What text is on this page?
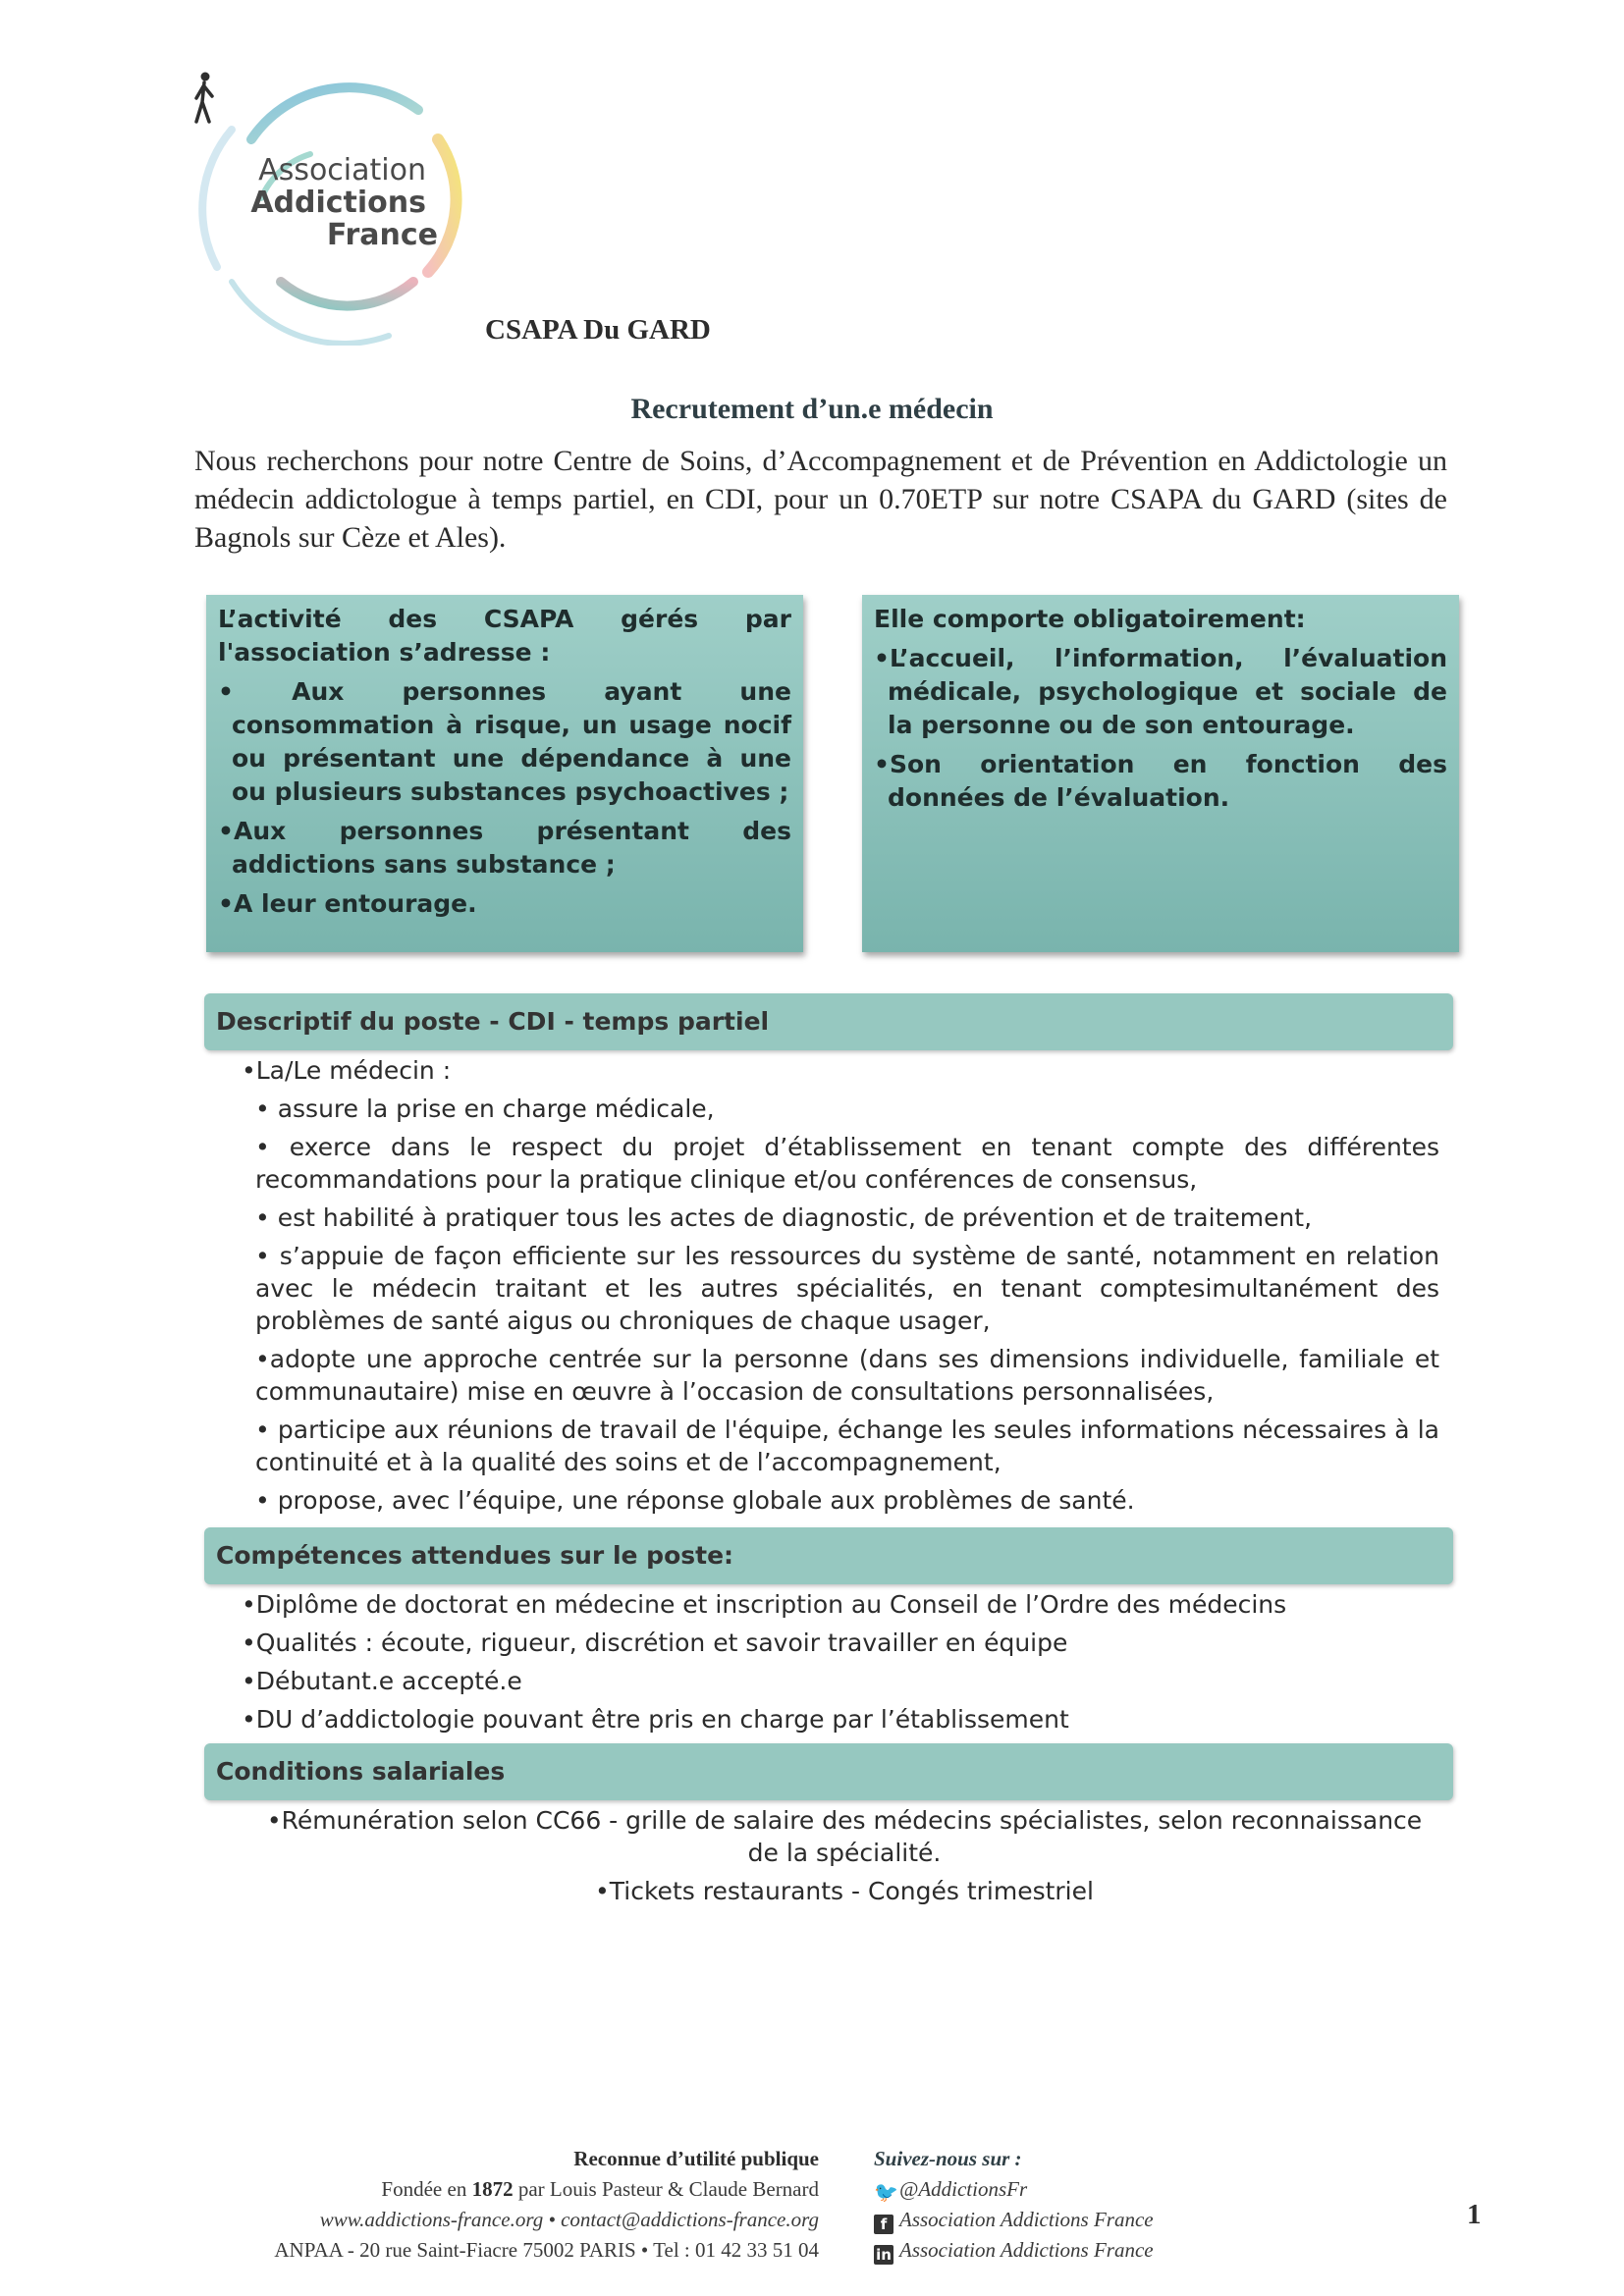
Association
Addictions
France
CSAPA Du GARD
Recrutement d’un.e médecin
Nous recherchons pour notre Centre de Soins, d’Accompagnement et de Prévention en Addictologie un médecin addictologue à temps partiel, en CDI, pour un 0.70ETP sur notre CSAPA du GARD (sites de Bagnols sur Cèze et Ales).

L’activité des CSAPA gérés par l'association s’adresse :

• Aux personnes ayant une consommation à risque, un usage nocif ou présentant une dépendance à une ou plusieurs substances psychoactives ;
•Aux personnes présentant des addictions sans substance ;
•A leur entourage.

Elle comporte obligatoirement:

•L’accueil, l’information, l’évaluation médicale, psychologique et sociale de la personne ou de son entourage.
•Son orientation en fonction des données de l’évaluation.
Descriptif du poste - CDI - temps partiel
•La/Le médecin :
• assure la prise en charge médicale,
• exerce dans le respect du projet d’établissement en tenant compte des différentes recommandations pour la pratique clinique et/ou conférences de consensus,
• est habilité à pratiquer tous les actes de diagnostic, de prévention et de traitement,
• s’appuie de façon efficiente sur les ressources du système de santé, notamment en relation avec le médecin traitant et les autres spécialités, en tenant comptesimultanément des problèmes de santé aigus ou chroniques de chaque usager,
•adopte une approche centrée sur la personne (dans ses dimensions individuelle, familiale et communautaire) mise en œuvre à l’occasion de consultations personnalisées,
• participe aux réunions de travail de l'équipe, échange les seules informations nécessaires à la continuité et à la qualité des soins et de l’accompagnement,
• propose, avec l’équipe, une réponse globale aux problèmes de santé.
Compétences attendues sur le poste:
•Diplôme de doctorat en médecine et inscription au Conseil de l’Ordre des médecins
•Qualités : écoute, rigueur, discrétion et savoir travailler en équipe
•Débutant.e accepté.e
•DU d’addictologie pouvant être pris en charge par l’établissement
Conditions salariales
•Rémunération selon CC66 - grille de salaire des médecins spécialistes, selon reconnaissance de la spécialité.
•Tickets restaurants - Congés trimestriel
Reconnue d’utilité publique
Fondée en 1872 par Louis Pasteur & Claude Bernard
www.addictions-france.org • contact@addictions-france.org
ANPAA - 20 rue Saint-Fiacre 75002 PARIS • Tel : 01 42 33 51 04
Suivez-nous sur :
🐦@AddictionsFr
f Association Addictions France
in Association Addictions France
1
